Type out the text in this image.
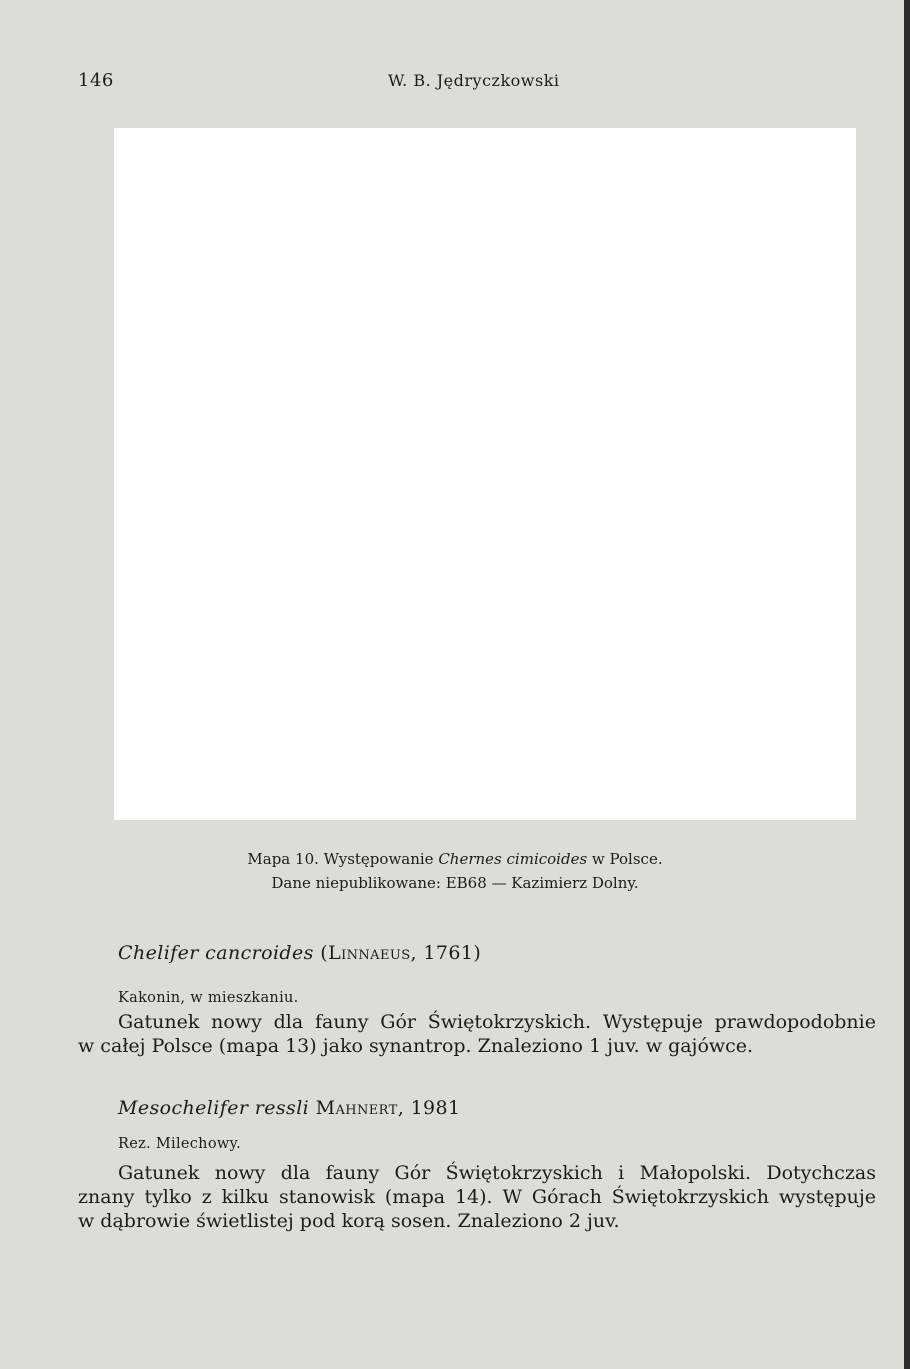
146	W. B. Jędryczkowski
Mapa 10. Występowanie Chernes cimicoides w Polsce.
Dane niepublikowane: EB68 — Kazimierz Dolny.
Chelifer cancroides (Linnaeus, 1761)
Kakonin, w mieszkaniu.
Gatunek nowy dla fauny Gór Świętokrzyskich. Występuje prawdopodobnie
w całej Polsce (mapa 13) jako synantrop. Znaleziono 1 juv. w gajówce.
Mesochelifer ressli Mahnert, 1981
Rez. Milechowy.
Gatunek nowy dla fauny Gór Świętokrzyskich i Małopolski. Dotychczas
znany tylko z kilku stanowisk (mapa 14). W Górach Świętokrzyskich występuje
w dąbrowie świetlistej pod korą sosen. Znaleziono 2 juv.
